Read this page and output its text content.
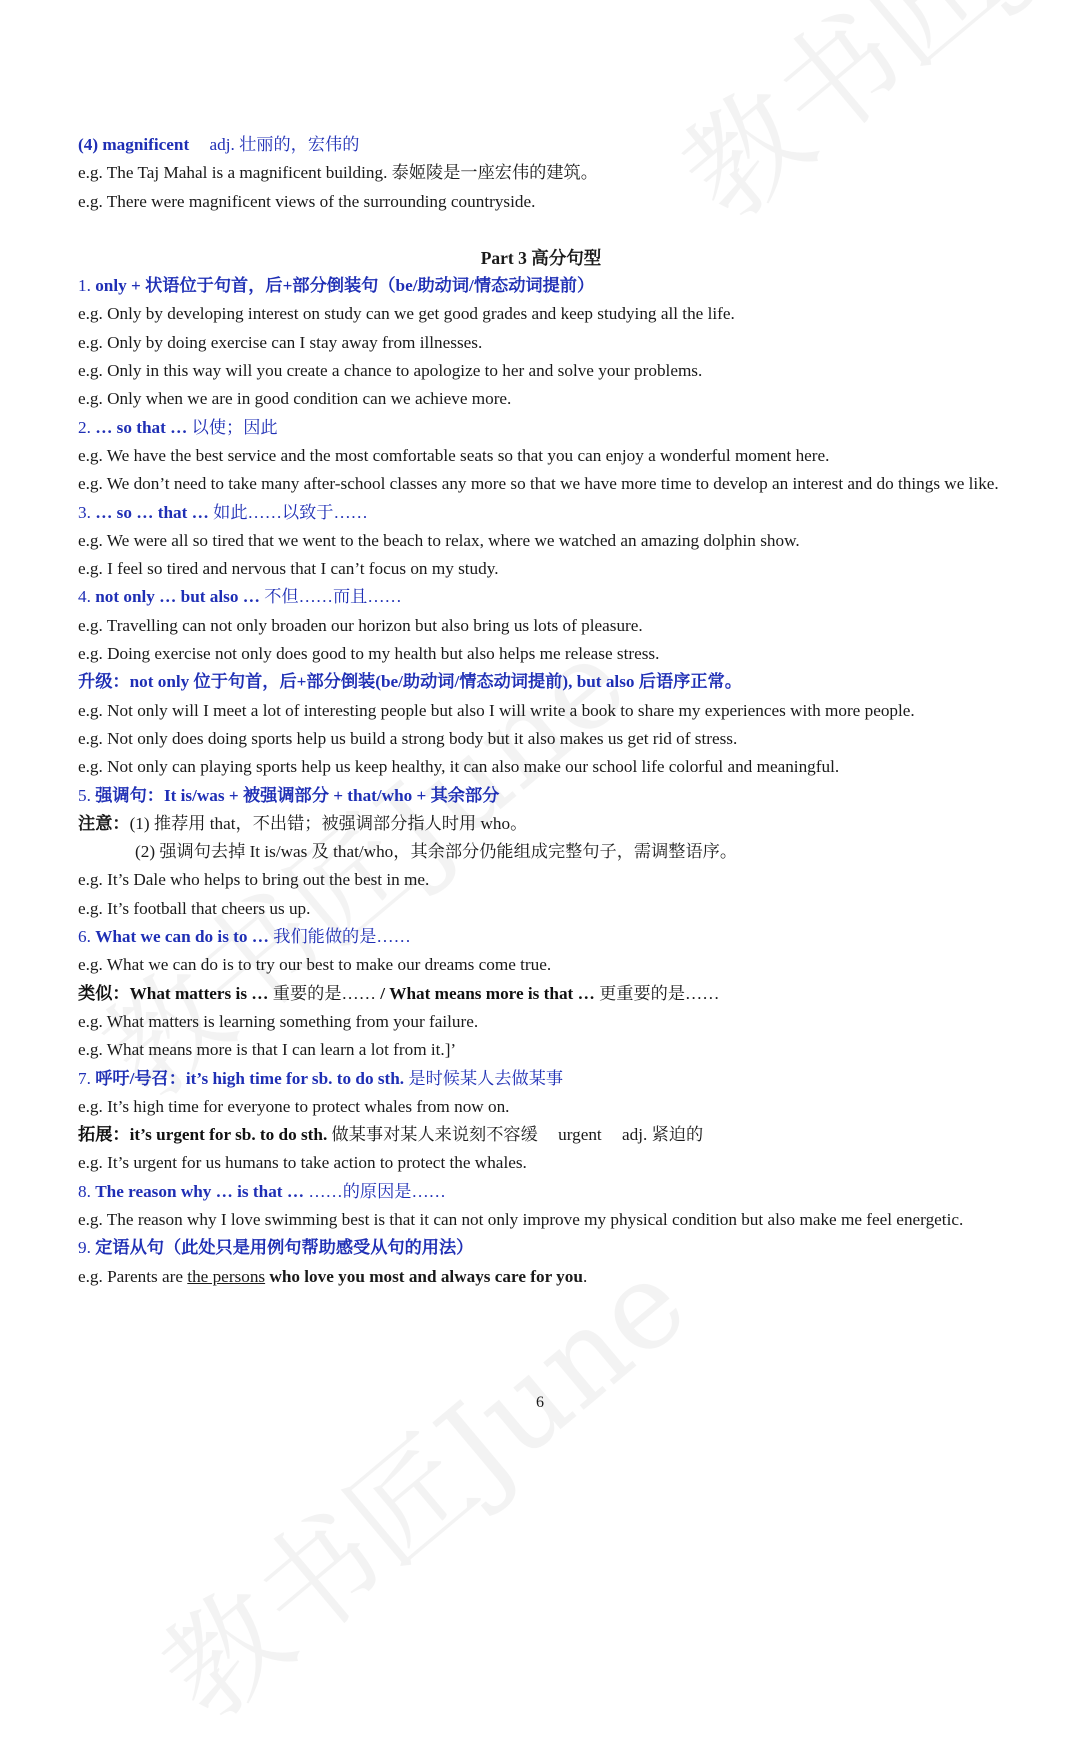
(4) magnificent adj. 壮丽的，宏伟的
e.g. The Taj Mahal is a magnificent building. 泰姬陵是一座宏伟的建筑。
e.g. There were magnificent views of the surrounding countryside.
Part 3 高分句型
1. only + 状语位于句首，后+部分倒装句（be/助动词/情态动词提前）
e.g. Only by developing interest on study can we get good grades and keep studying all the life.
e.g. Only by doing exercise can I stay away from illnesses.
e.g. Only in this way will you create a chance to apologize to her and solve your problems.
e.g. Only when we are in good condition can we achieve more.
2. … so that … 以使；因此
e.g. We have the best service and the most comfortable seats so that you can enjoy a wonderful moment here.
e.g. We don’t need to take many after-school classes any more so that we have more time to develop an interest and do things we like.
3. … so … that … 如此……以致于……
e.g. We were all so tired that we went to the beach to relax, where we watched an amazing dolphin show.
e.g. I feel so tired and nervous that I can’t focus on my study.
4. not only … but also … 不但……而且……
e.g. Travelling can not only broaden our horizon but also bring us lots of pleasure.
e.g. Doing exercise not only does good to my health but also helps me release stress.
升级：not only 位于句首，后+部分倒装(be/助动词/情态动词提前), but also 后语序正常。
e.g. Not only will I meet a lot of interesting people but also I will write a book to share my experiences with more people.
e.g. Not only does doing sports help us build a strong body but it also makes us get rid of stress.
e.g. Not only can playing sports help us keep healthy, it can also make our school life colorful and meaningful.
5. 强调句：It is/was + 被强调部分 + that/who + 其余部分
注意：(1) 推荐用 that，不出错；被强调部分指人时用 who。
(2) 强调句去掉 It is/was 及 that/who，其余部分仍能组成完整句子，需调整语序。
e.g. It’s Dale who helps to bring out the best in me.
e.g. It’s football that cheers us up.
6. What we can do is to … 我们能做的是……
e.g. What we can do is to try our best to make our dreams come true.
类似：What matters is … 重要的是…… / What means more is that … 更重要的是……
e.g. What matters is learning something from your failure.
e.g. What means more is that I can learn a lot from it.]’
7. 呼吁/号召：it’s high time for sb. to do sth. 是时候某人去做某事
e.g. It’s high time for everyone to protect whales from now on.
拓展：it’s urgent for sb. to do sth. 做某事对某人来说刻不容缓 urgent adj. 紧迫的
e.g. It’s urgent for us humans to take action to protect the whales.
8. The reason why … is that … ……的原因是……
e.g. The reason why I love swimming best is that it can not only improve my physical condition but also make me feel energetic.
9. 定语从句（此处只是用例句帮助感受从句的用法）
e.g. Parents are the persons who love you most and always care for you.
6
